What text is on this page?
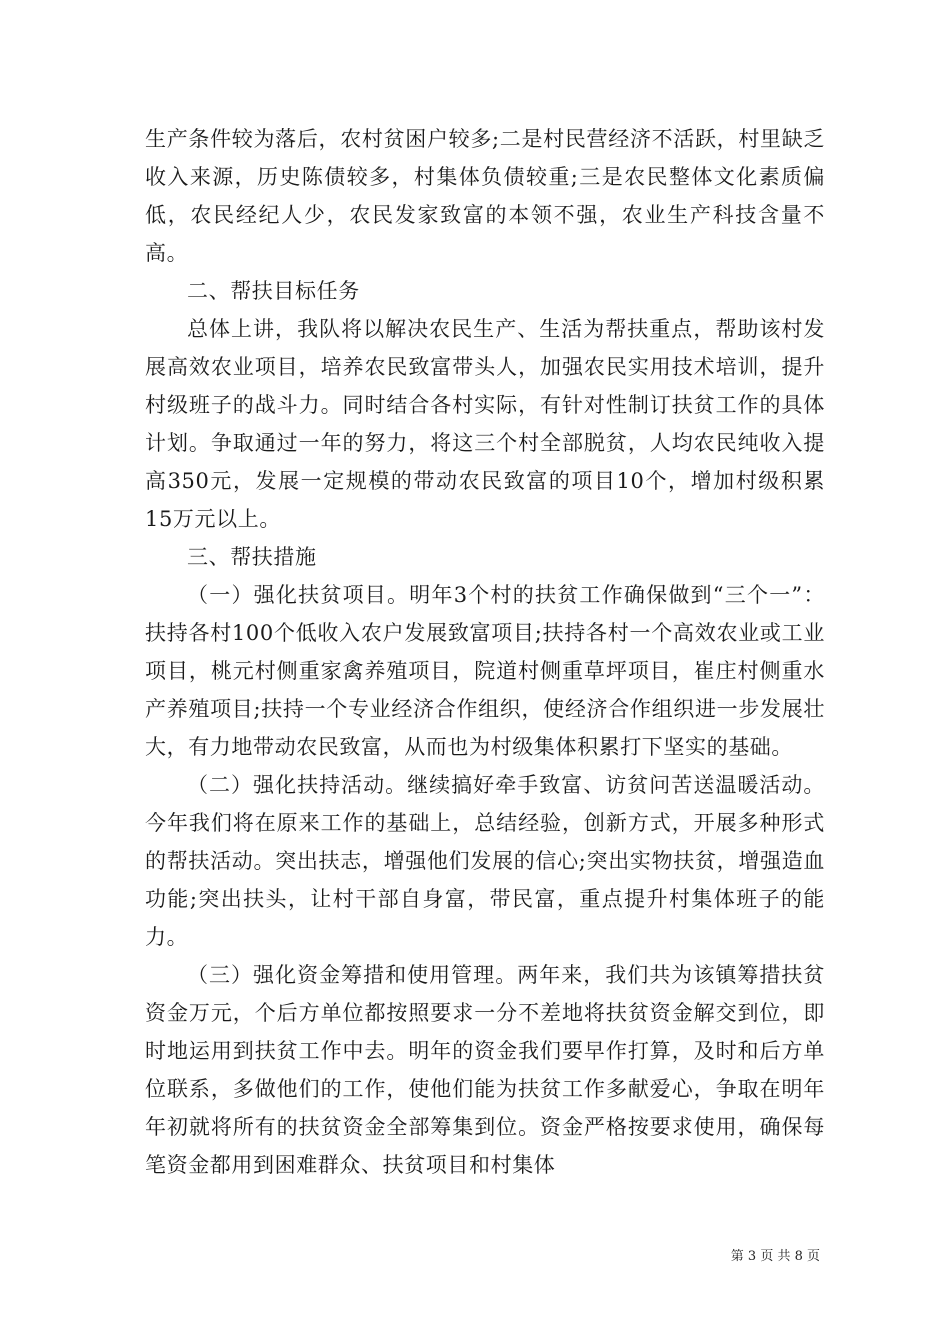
生产条件较为落后，农村贫困户较多;二是村民营经济不活跃，村里缺乏收入来源，历史陈债较多，村集体负债较重;三是农民整体文化素质偏低，农民经纪人少，农民发家致富的本领不强，农业生产科技含量不高。

二、帮扶目标任务

总体上讲，我队将以解决农民生产、生活为帮扶重点，帮助该村发展高效农业项目，培养农民致富带头人，加强农民实用技术培训，提升村级班子的战斗力。同时结合各村实际，有针对性制订扶贫工作的具体计划。争取通过一年的努力，将这三个村全部脱贫，人均农民纯收入提高350元，发展一定规模的带动农民致富的项目10个，增加村级积累15万元以上。

三、帮扶措施

（一）强化扶贫项目。明年3个村的扶贫工作确保做到“三个一”：扶持各村100个低收入农户发展致富项目;扶持各村一个高效农业或工业项目，桃元村侧重家禽养殖项目，院道村侧重草坪项目，崔庄村侧重水产养殖项目;扶持一个专业经济合作组织，使经济合作组织进一步发展壮大，有力地带动农民致富，从而也为村级集体积累打下坚实的基础。

（二）强化扶持活动。继续搞好牵手致富、访贫问苦送温暖活动。今年我们将在原来工作的基础上，总结经验，创新方式，开展多种形式的帮扶活动。突出扶志，增强他们发展的信心;突出实物扶贫，增强造血功能;突出扶头，让村干部自身富，带民富，重点提升村集体班子的能力。

（三）强化资金筹措和使用管理。两年来，我们共为该镇筹措扶贫资金万元，个后方单位都按照要求一分不差地将扶贫资金解交到位，即时地运用到扶贫工作中去。明年的资金我们要早作打算，及时和后方单位联系，多做他们的工作，使他们能为扶贫工作多献爱心，争取在明年年初就将所有的扶贫资金全部筹集到位。资金严格按要求使用，确保每笔资金都用到困难群众、扶贫项目和村集体

第 3 页 共 8 页
